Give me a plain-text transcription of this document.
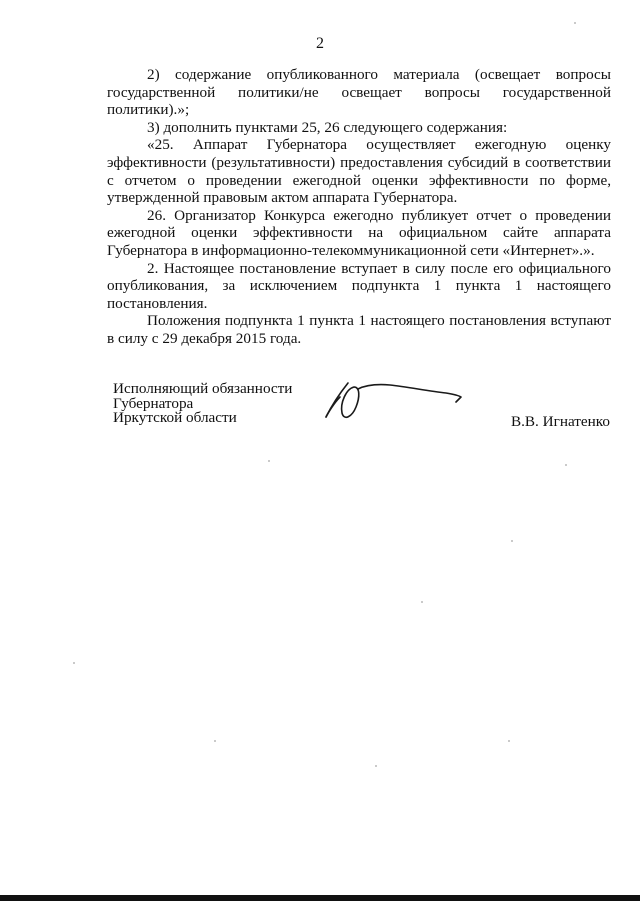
2

2) содержание опубликованного материала (освещает вопросы государственной политики/не освещает вопросы государственной политики).»;

3) дополнить пунктами 25, 26 следующего содержания:

«25. Аппарат Губернатора осуществляет ежегодную оценку эффективности (результативности) предоставления субсидий в соответствии с отчетом о проведении ежегодной оценки эффективности по форме, утвержденной правовым актом аппарата Губернатора.

26. Организатор Конкурса ежегодно публикует отчет о проведении ежегодной оценки эффективности на официальном сайте аппарата Губернатора в информационно-телекоммуникационной сети «Интернет».».

2. Настоящее постановление вступает в силу после его официального опубликования, за исключением подпункта 1 пункта 1 настоящего постановления.

Положения подпункта 1 пункта 1 настоящего постановления вступают в силу с 29 декабря 2015 года.

Исполняющий обязанности
Губернатора
Иркутской области	В.В. Игнатенко
